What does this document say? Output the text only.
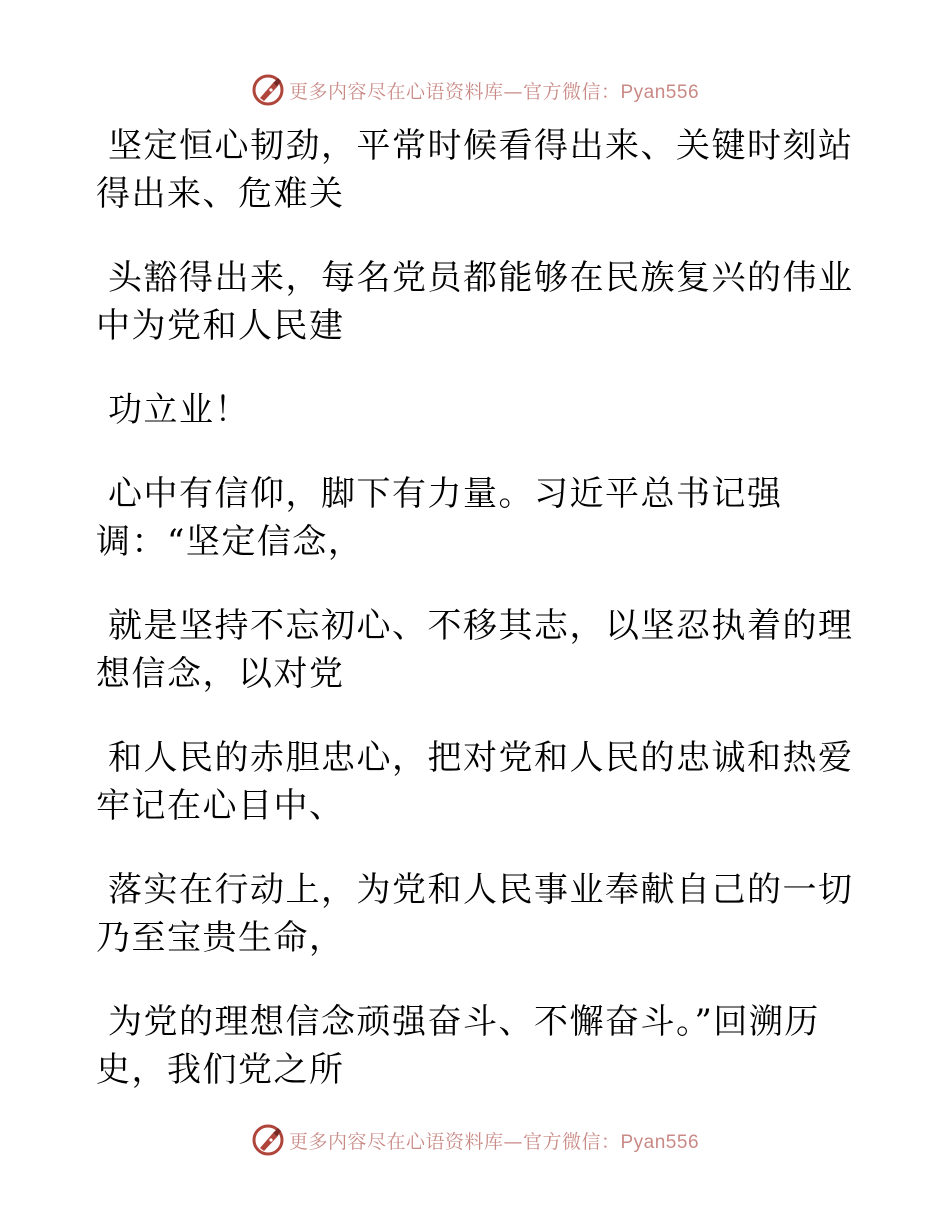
更多内容尽在心语资料库—官方微信：Pyan556
坚定恒心韧劲，平常时候看得出来、关键时刻站
得出来、危难关
头豁得出来，每名党员都能够在民族复兴的伟业
中为党和人民建
功立业！
心中有信仰，脚下有力量。习近平总书记强
调：“坚定信念，
就是坚持不忘初心、不移其志，以坚忍执着的理
想信念，以对党
和人民的赤胆忠心，把对党和人民的忠诚和热爱
牢记在心目中、
落实在行动上，为党和人民事业奉献自己的一切
乃至宝贵生命，
为党的理想信念顽强奋斗、不懈奋斗。”回溯历
史，我们党之所
更多内容尽在心语资料库—官方微信：Pyan556
